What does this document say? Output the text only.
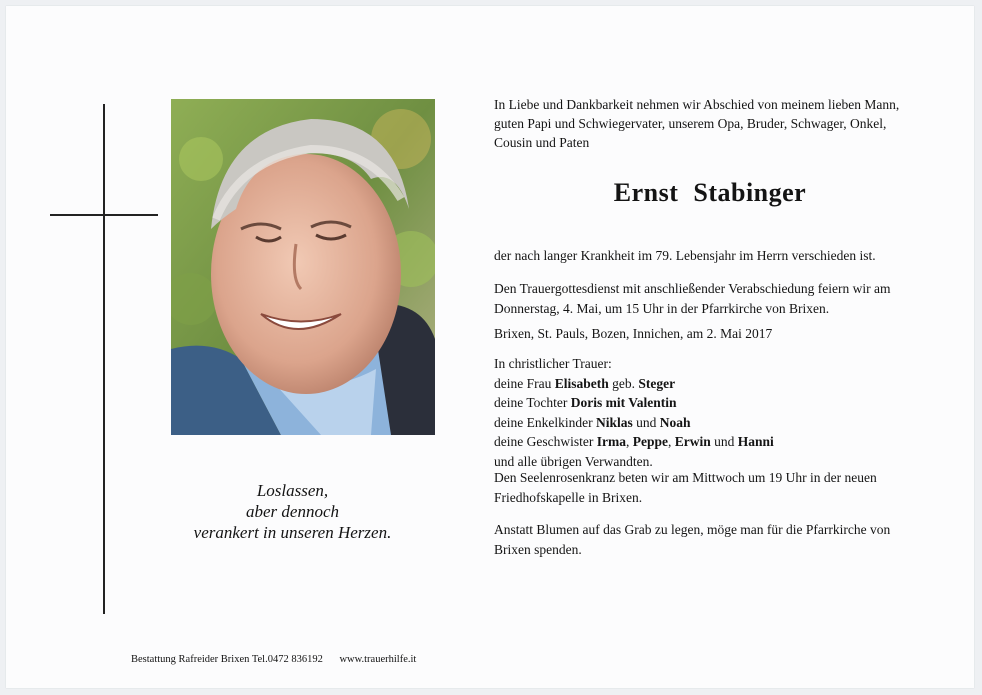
Loslassen,
aber dennoch
verankert in unseren Herzen.
Bestattung Rafreider Brixen Tel.0472 836192 www.trauerhilfe.it
In Liebe und Dankbarkeit nehmen wir Abschied von meinem lieben Mann, guten Papi und Schwiegervater, unserem Opa, Bruder, Schwager, Onkel, Cousin und Paten
Ernst Stabinger
der nach langer Krankheit im 79. Lebensjahr im Herrn verschieden ist.
Den Trauergottesdienst mit anschließender Verabschiedung feiern wir am Donnerstag, 4. Mai, um 15 Uhr in der Pfarrkirche von Brixen.
Brixen, St. Pauls, Bozen, Innichen, am 2. Mai 2017
In christlicher Trauer:
deine Frau Elisabeth geb. Steger
deine Tochter Doris mit Valentin
deine Enkelkinder Niklas und Noah
deine Geschwister Irma, Peppe, Erwin und Hanni
und alle übrigen Verwandten.
Den Seelenrosenkranz beten wir am Mittwoch um 19 Uhr in der neuen Friedhofskapelle in Brixen.
Anstatt Blumen auf das Grab zu legen, möge man für die Pfarrkirche von Brixen spenden.
